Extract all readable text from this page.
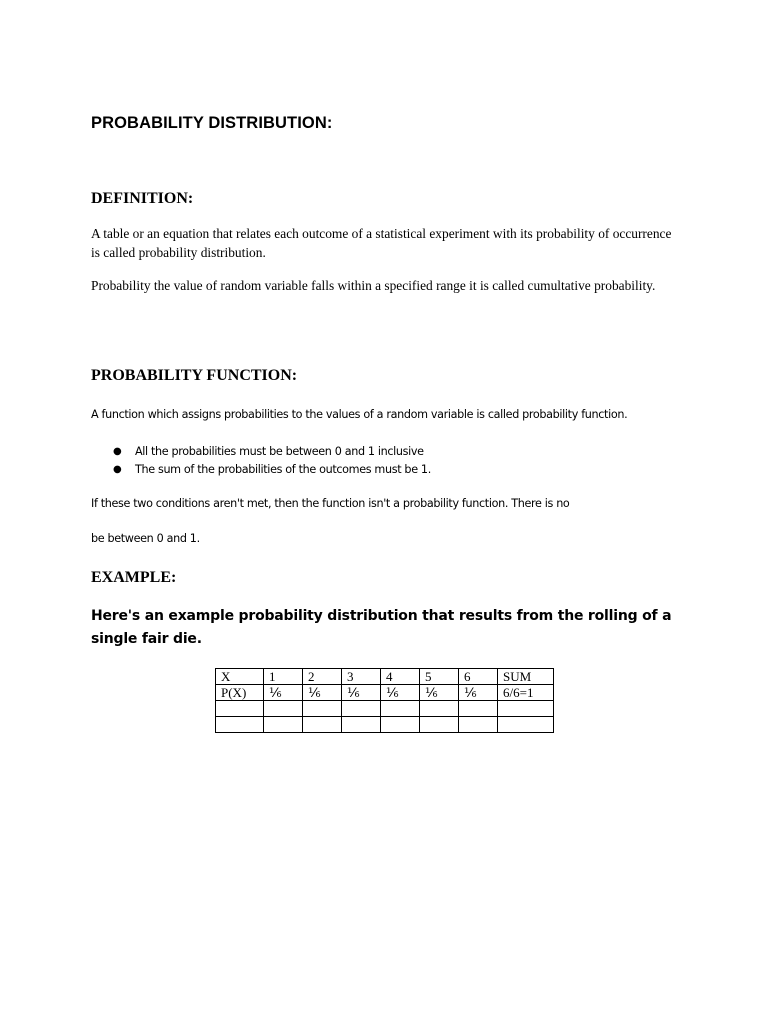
PROBABILITY DISTRIBUTION:
DEFINITION:
A table or an equation that relates each outcome of a statistical experiment with its probability of occurrence is called probability distribution.
Probability the value of random variable falls within a specified range it is called cumultative probability.
PROBABILITY FUNCTION:
A function which assigns probabilities to the values of a random variable is called probability function.
● All the probabilities must be between 0 and 1 inclusive
● The sum of the probabilities of the outcomes must be 1.
If these two conditions aren't met, then the function isn't a probability function. There is no
be between 0 and 1.
EXAMPLE:
Here's an example probability distribution that results from the rolling of a single fair die.
X	1	2	3	4	5	6	SUM
P(X)	⅙	⅙	⅙	⅙	⅙	⅙	6/6=1
